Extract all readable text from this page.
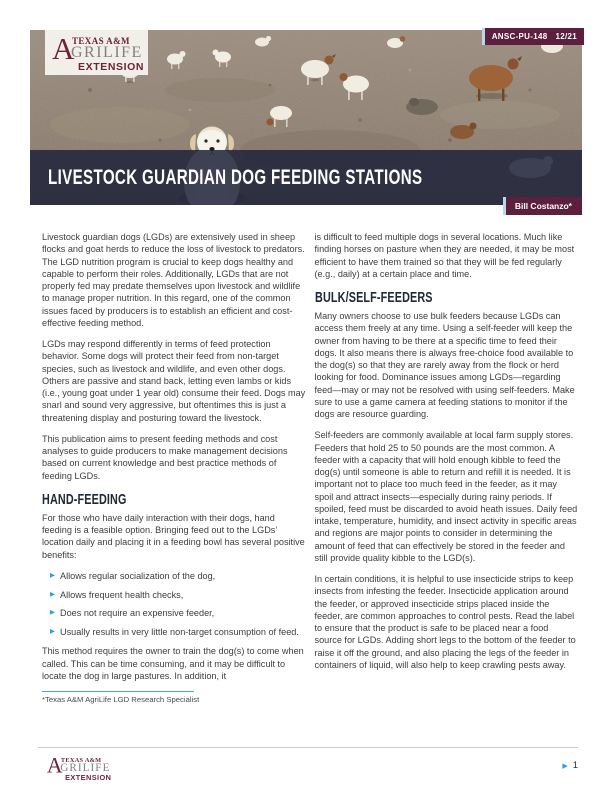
LIVESTOCK GUARDIAN DOG FEEDING STATIONS
A
TEXAS A&M
GRILIFE
EXTENSION
ANSC-PU-148 12/21
Bill Costanzo*

Livestock guardian dogs (LGDs) are extensively used in sheep flocks and goat herds to reduce the loss of livestock to predators. The LGD nutrition program is crucial to keep dogs healthy and capable to perform their roles. Additionally, LGDs that are not properly fed may predate themselves upon livestock and wildlife to manage proper nutrition. In this regard, one of the common issues faced by producers is to establish an efficient and cost-effective feeding method.

LGDs may respond differently in terms of feed protection behavior. Some dogs will protect their feed from non-target species, such as livestock and wildlife, and even other dogs. Others are passive and stand back, letting even lambs or kids (i.e., young goat under 1 year old) consume their feed. Dogs may snarl and sound very aggressive, but oftentimes this is just a threatening display and posturing toward the livestock.

This publication aims to present feeding methods and cost analyses to guide producers to make management decisions based on current knowledge and best practice methods of feeding LGDs.

HAND-FEEDING

For those who have daily interaction with their dogs, hand feeding is a feasible option. Bringing feed out to the LGDs’ location daily and placing it in a feeding bowl has several positive benefits:

▶ Allows regular socialization of the dog,
▶ Allows frequent health checks,
▶ Does not require an expensive feeder,
▶ Usually results in very little non-target consumption of feed.

This method requires the owner to train the dog(s) to come when called. This can be time consuming, and it may be difficult to locate the dog in large pastures. In addition, it

*Texas A&M AgriLife LGD Research Specialist

is difficult to feed multiple dogs in several locations. Much like finding horses on pasture when they are needed, it may be most efficient to have them trained so that they will be fed regularly (e.g., daily) at a certain place and time.

BULK/SELF-FEEDERS

Many owners choose to use bulk feeders because LGDs can access them freely at any time. Using a self-feeder will keep the owner from having to be there at a specific time to feed their dogs. It also means there is always free-choice food available to the dog(s) so that they are rarely away from the flock or herd looking for food. Dominance issues among LGDs—regarding feed—may or may not be resolved with using self-feeders. Make sure to use a game camera at feeding stations to monitor if the dogs are resource guarding.

Self-feeders are commonly available at local farm supply stores. Feeders that hold 25 to 50 pounds are the most common. A feeder with a capacity that will hold enough kibble to feed the dog(s) until someone is able to return and refill it is needed. It is important not to place too much feed in the feeder, as it may spoil and attract insects—especially during rainy periods. If spoiled, feed must be discarded to avoid heath issues. Daily feed intake, temperature, humidity, and insect activity in specific areas and regions are major points to consider in determining the amount of feed that can effectively be stored in the feeder and still provide quality kibble to the LGD(s).

In certain conditions, it is helpful to use insecticide strips to keep insects from infesting the feeder. Insecticide application around the feeder, or approved insecticide strips placed inside the feeder, are common approaches to control pests. Read the label to ensure that the product is safe to be placed near a food source for LGDs. Adding short legs to the bottom of the feeder to raise it off the ground, and also placing the legs of the feeder in containers of liquid, will also help to keep crawling pests away.

A
TEXAS A&M
GRILIFE
EXTENSION
▶ 1
